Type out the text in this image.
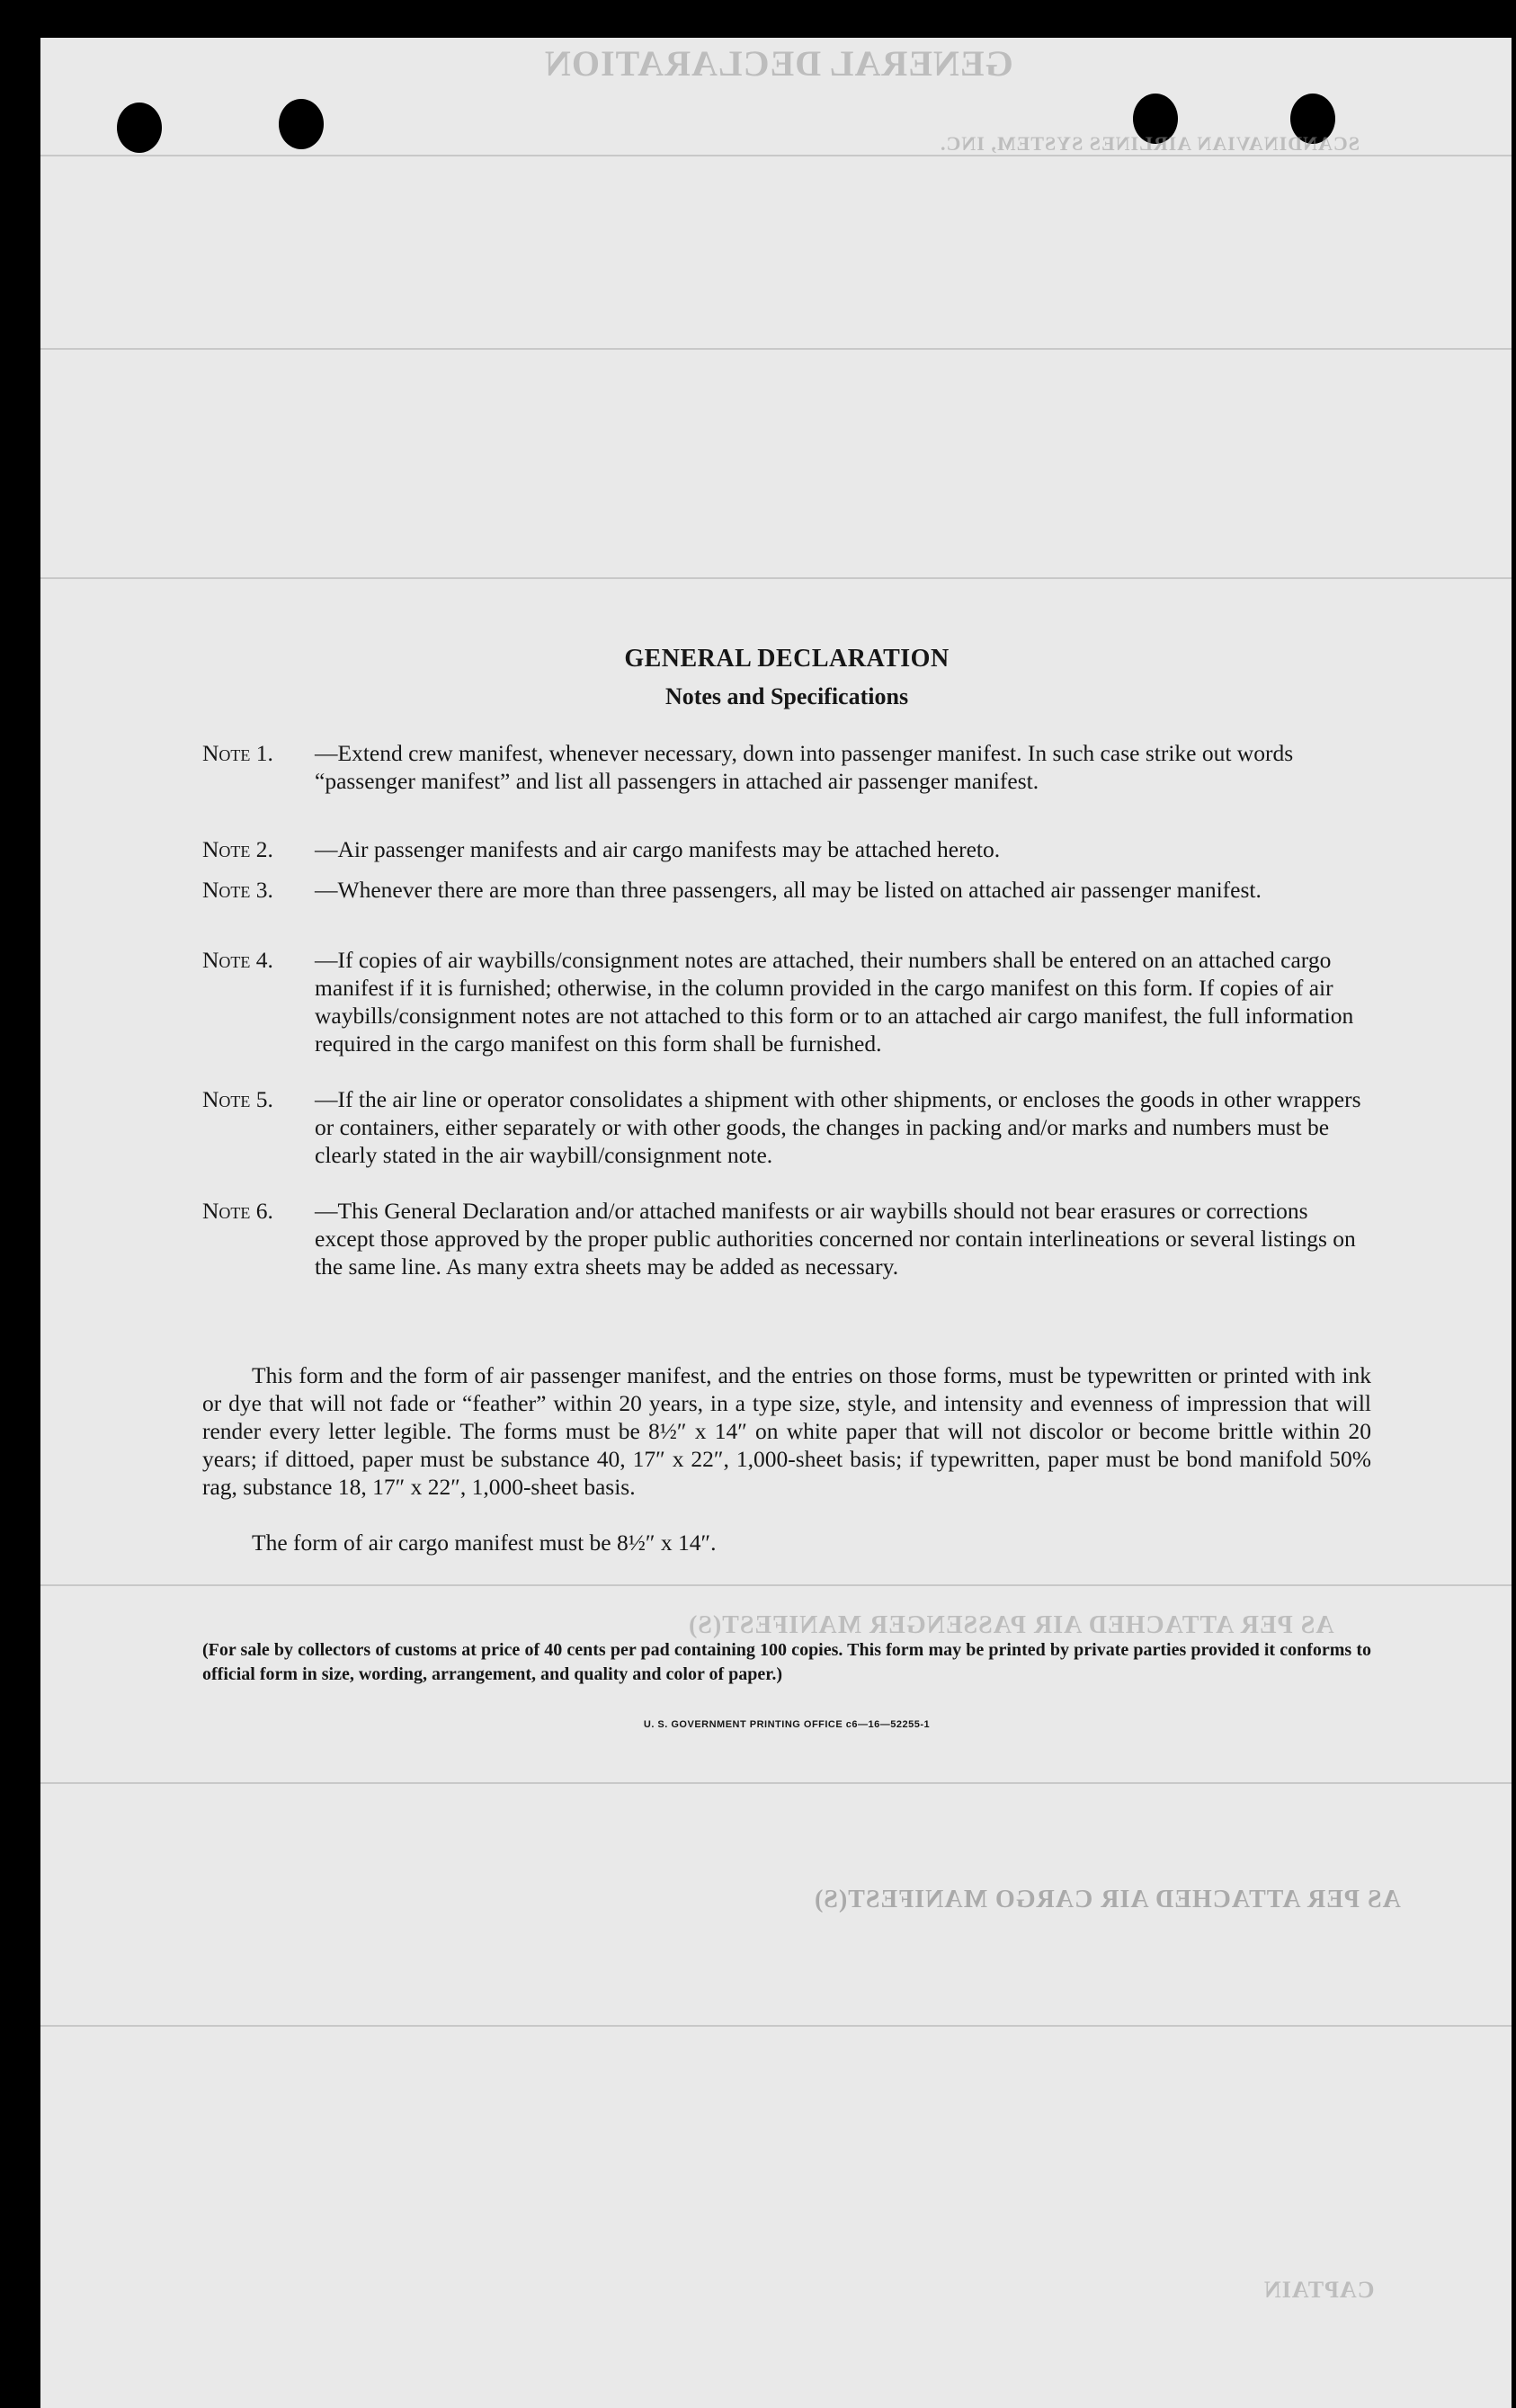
GENERAL DECLARATION
SCANDINAVIAN AIRLINES SYSTEM, INC.
AS PER ATTACHED AIR PASSENGER MANIFEST(S)
AS PER ATTACHED AIR CARGO MANIFEST(S)
CAPTAIN
GENERAL DECLARATION
Notes and Specifications
Note 1.	—Extend crew manifest, whenever necessary, down into passenger manifest. In such case strike out words “passenger manifest” and list all passengers in attached air passenger manifest.
Note 2.	—Air passenger manifests and air cargo manifests may be attached hereto.
Note 3.	—Whenever there are more than three passengers, all may be listed on attached air passenger manifest.
Note 4.	—If copies of air waybills/consignment notes are attached, their numbers shall be entered on an attached cargo manifest if it is furnished; otherwise, in the column provided in the cargo manifest on this form. If copies of air waybills/consignment notes are not attached to this form or to an attached air cargo manifest, the full information required in the cargo manifest on this form shall be furnished.
Note 5.	—If the air line or operator consolidates a shipment with other shipments, or encloses the goods in other wrappers or containers, either separately or with other goods, the changes in packing and/or marks and numbers must be clearly stated in the air waybill/consignment note.
Note 6.	—This General Declaration and/or attached manifests or air waybills should not bear erasures or corrections except those approved by the proper public authorities concerned nor contain interlineations or several listings on the same line. As many extra sheets may be added as necessary.
This form and the form of air passenger manifest, and the entries on those forms, must be typewritten or printed with ink or dye that will not fade or “feather” within 20 years, in a type size, style, and intensity and evenness of impression that will render every letter legible. The forms must be 8½″ x 14″ on white paper that will not discolor or become brittle within 20 years; if dittoed, paper must be substance 40, 17″ x 22″, 1,000-sheet basis; if typewritten, paper must be bond manifold 50% rag, substance 18, 17″ x 22″, 1,000-sheet basis.
The form of air cargo manifest must be 8½″ x 14″.
(For sale by collectors of customs at price of 40 cents per pad containing 100 copies. This form may be printed by private parties provided it conforms to official form in size, wording, arrangement, and quality and color of paper.)
U. S. GOVERNMENT PRINTING OFFICE c6—16—52255-1
